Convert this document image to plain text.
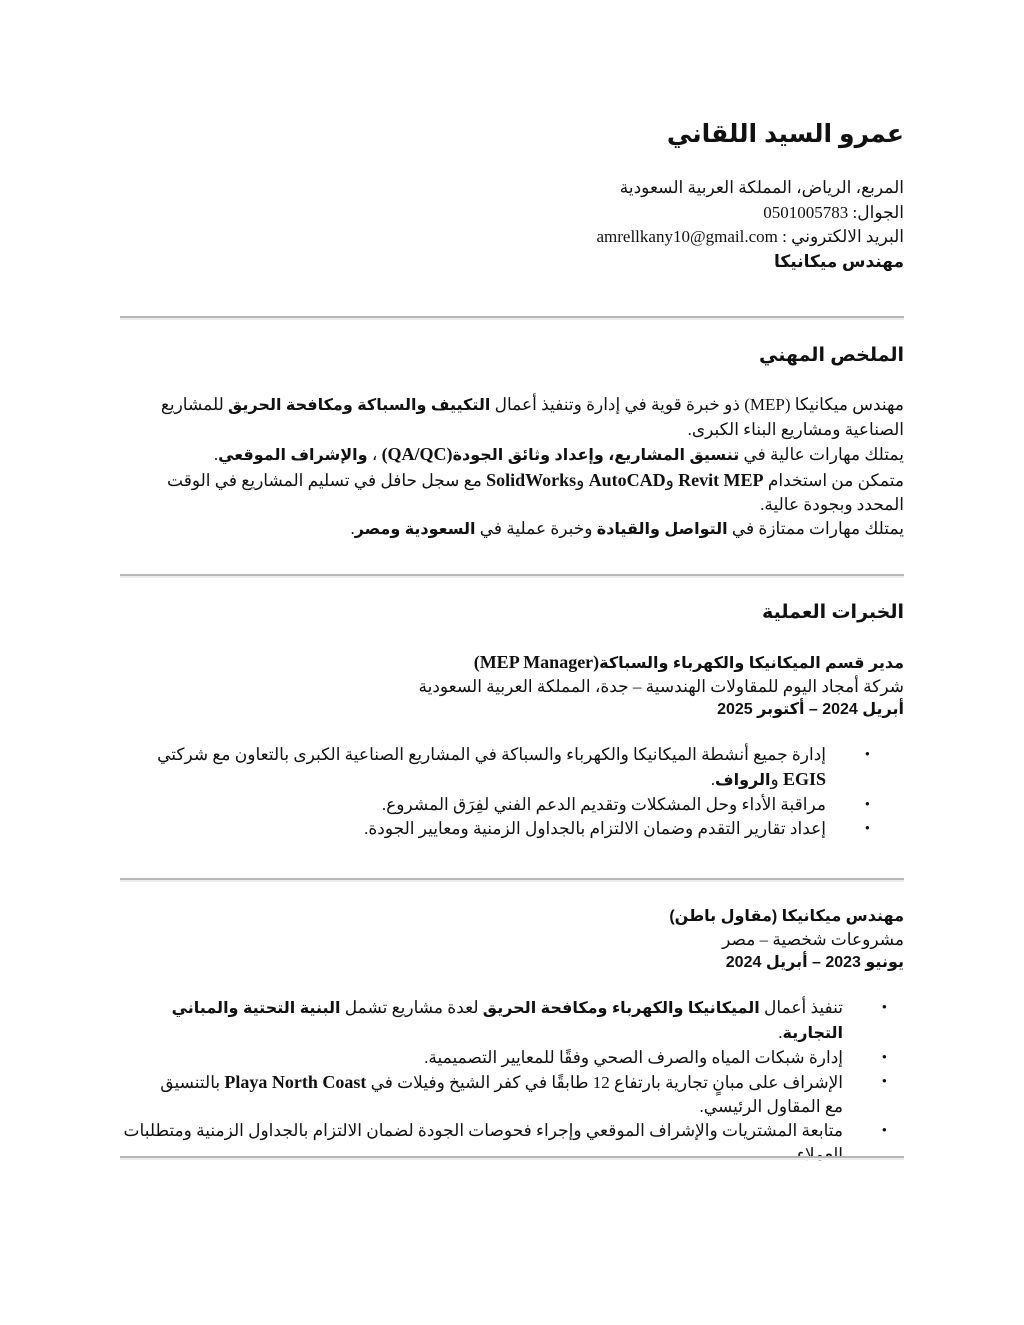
عمرو السيد اللقاني
المربع، الرياض، المملكة العربية السعودية
الجوال: 0501005783
البريد الالكتروني : amrellkany10@gmail.com
مهندس ميكانيكا
الملخص المهني
مهندس ميكانيكا (MEP) ذو خبرة قوية في إدارة وتنفيذ أعمال التكييف والسباكة ومكافحة الحريق للمشاريع الصناعية ومشاريع البناء الكبرى.
يمتلك مهارات عالية في تنسيق المشاريع، وإعداد وثائق الجودة(QA/QC) ، والإشراف الموقعي.
متمكن من استخدام Revit MEP وAutoCAD وSolidWorks مع سجل حافل في تسليم المشاريع في الوقت المحدد وبجودة عالية.
يمتلك مهارات ممتازة في التواصل والقيادة وخبرة عملية في السعودية ومصر.
الخبرات العملية
مدير قسم الميكانيكا والكهرباء والسباكة(MEP Manager)
شركة أمجاد اليوم للمقاولات الهندسية – جدة، المملكة العربية السعودية
أبريل 2024 – أكتوبر 2025
• إدارة جميع أنشطة الميكانيكا والكهرباء والسباكة في المشاريع الصناعية الكبرى بالتعاون مع شركتي EGIS والرواف.
• مراقبة الأداء وحل المشكلات وتقديم الدعم الفني لفِرَق المشروع.
• إعداد تقارير التقدم وضمان الالتزام بالجداول الزمنية ومعايير الجودة.
مهندس ميكانيكا (مقاول باطن)
مشروعات شخصية – مصر
يونيو 2023 – أبريل 2024
• تنفيذ أعمال الميكانيكا والكهرباء ومكافحة الحريق لعدة مشاريع تشمل البنية التحتية والمباني التجارية.
• إدارة شبكات المياه والصرف الصحي وفقًا للمعايير التصميمية.
• الإشراف على مبانٍ تجارية بارتفاع 12 طابقًا في كفر الشيخ وفيلات في Playa North Coast بالتنسيق مع المقاول الرئيسي.
• متابعة المشتريات والإشراف الموقعي وإجراء فحوصات الجودة لضمان الالتزام بالجداول الزمنية ومتطلبات العملاء.
